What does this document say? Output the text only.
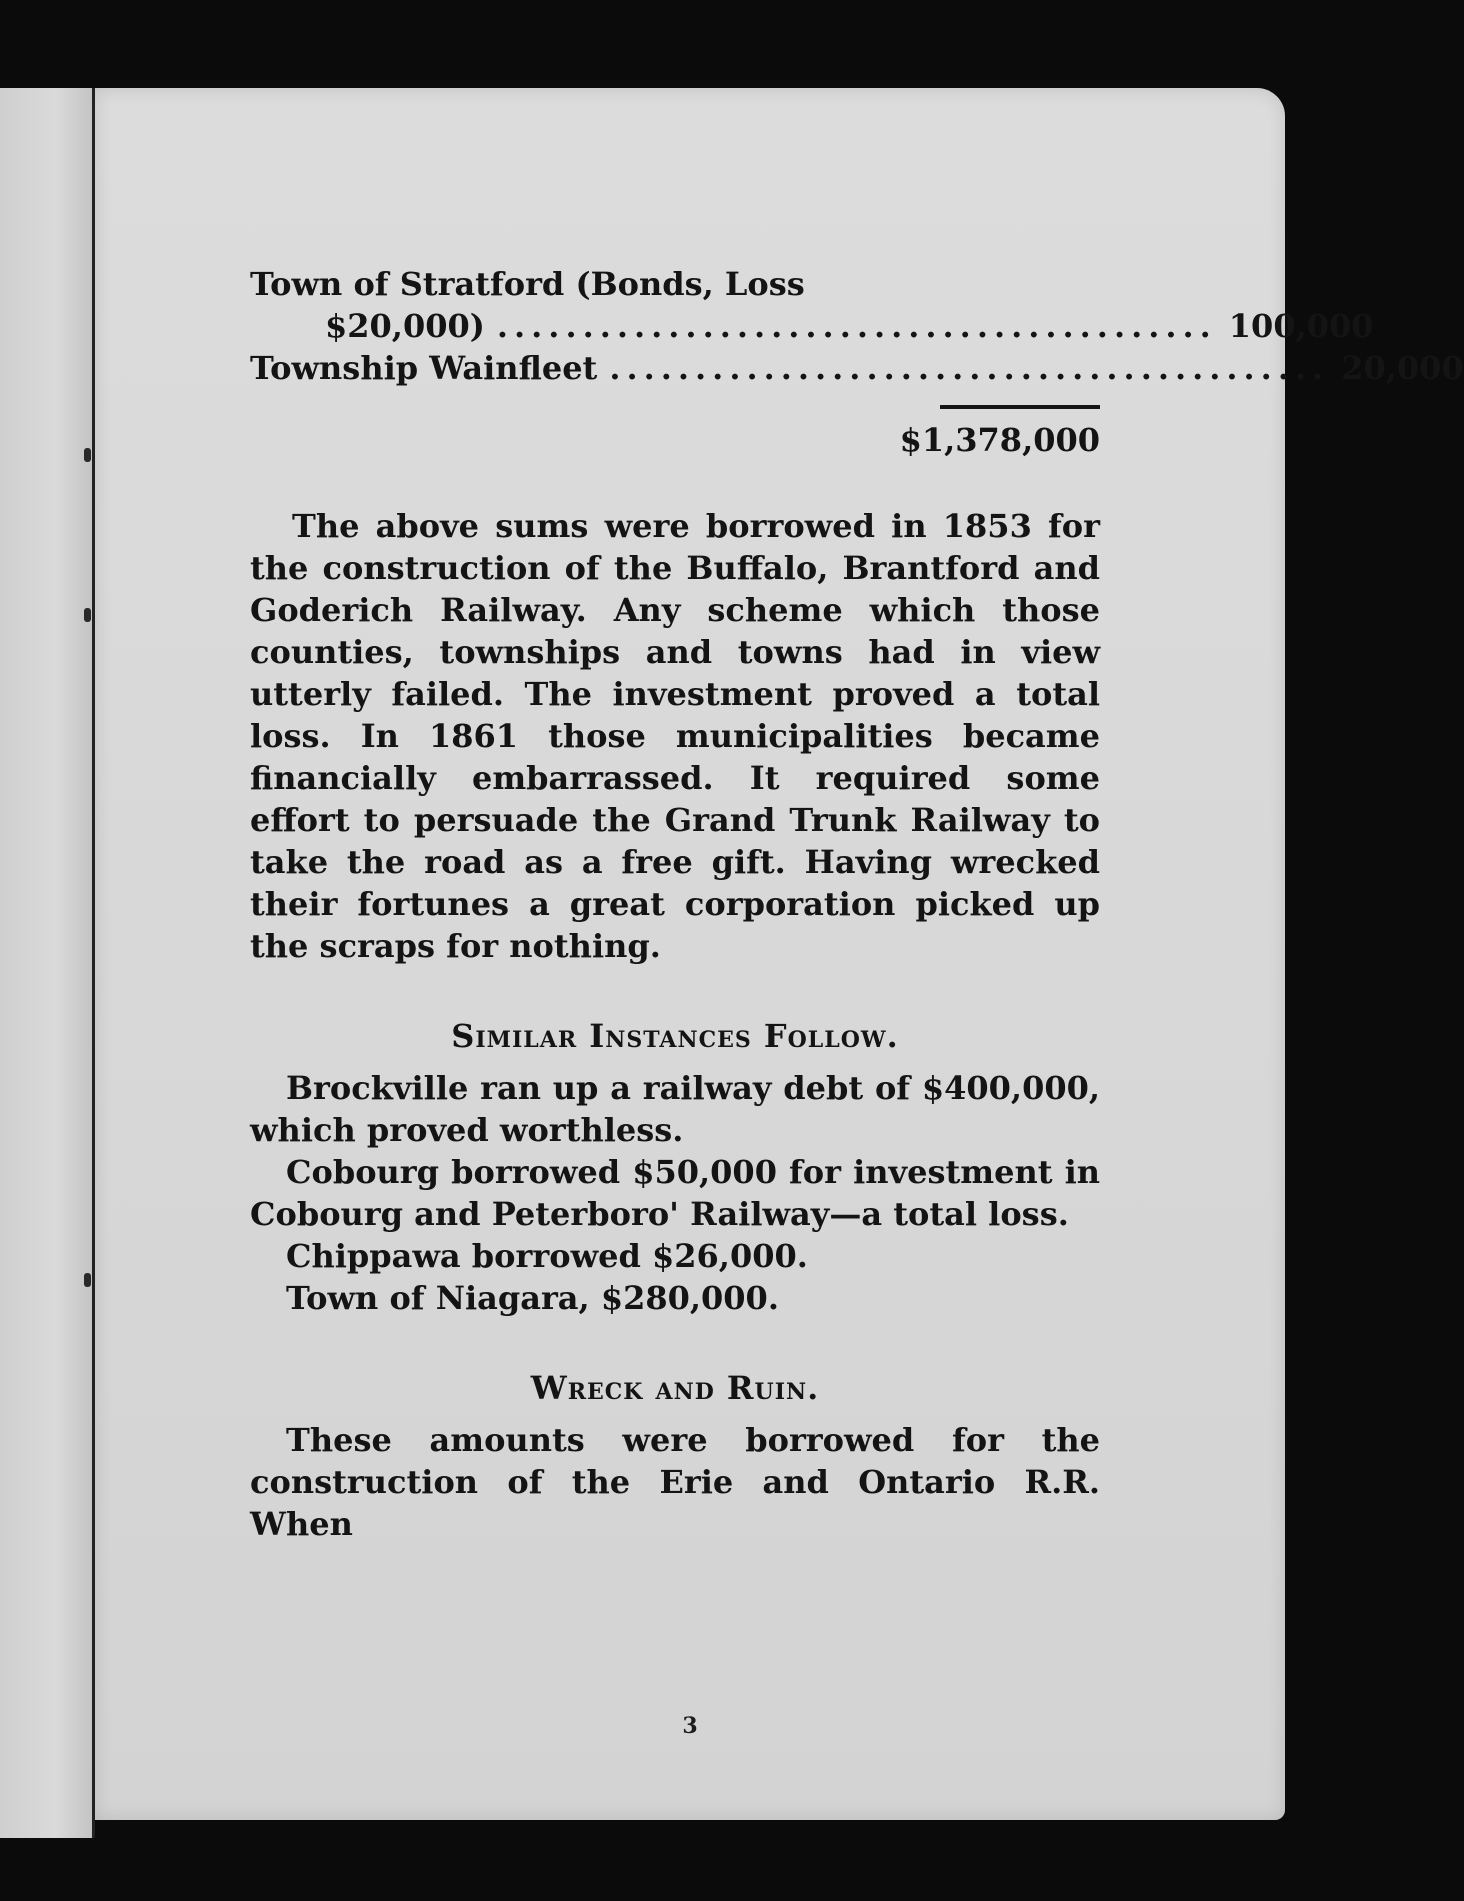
Town of Stratford (Bonds, Loss
$20,000) .......................................... 100,000
Township Wainfleet .......................................... 20,000
$1,378,000

The above sums were borrowed in 1853 for the construction of the Buffalo, Brantford and Goderich Railway. Any scheme which those counties, townships and towns had in view utterly failed. The investment proved a total loss. In 1861 those municipalities became financially embarrassed. It required some effort to persuade the Grand Trunk Railway to take the road as a free gift. Having wrecked their fortunes a great corporation picked up the scraps for nothing.

Similar Instances Follow.

Brockville ran up a railway debt of $400,000, which proved worthless.

Cobourg borrowed $50,000 for investment in Cobourg and Peterboro' Railway—a total loss.

Chippawa borrowed $26,000.

Town of Niagara, $280,000.

Wreck and Ruin.

These amounts were borrowed for the construction of the Erie and Ontario R.R. When

3
